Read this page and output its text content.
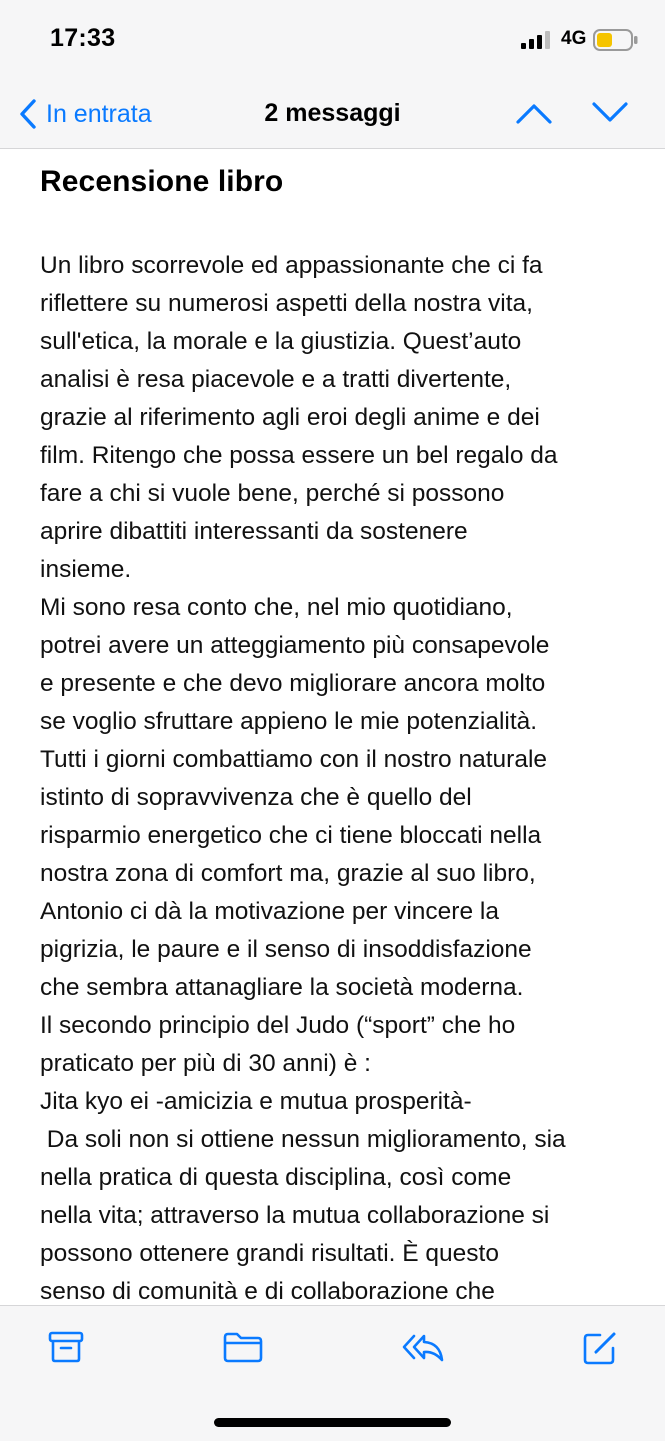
17:33	4G
In entrata	2 messaggi
Recensione libro
Un libro scorrevole ed appassionante che ci fa
riflettere su numerosi aspetti della nostra vita,
sull'etica, la morale e la giustizia. Quest’auto
analisi è resa piacevole e a tratti divertente,
grazie al riferimento agli eroi degli anime e dei
film. Ritengo che possa essere un bel regalo da
fare a chi si vuole bene, perché si possono
aprire dibattiti interessanti da sostenere
insieme.
Mi sono resa conto che, nel mio quotidiano,
potrei avere un atteggiamento più consapevole
e presente e che devo migliorare ancora molto
se voglio sfruttare appieno le mie potenzialità.
Tutti i giorni combattiamo con il nostro naturale
istinto di sopravvivenza che è quello del
risparmio energetico che ci tiene bloccati nella
nostra zona di comfort ma, grazie al suo libro,
Antonio ci dà la motivazione per vincere la
pigrizia, le paure e il senso di insoddisfazione
che sembra attanagliare la società moderna.
Il secondo principio del Judo (“sport” che ho
praticato per più di 30 anni) è :
Jita kyo ei -amicizia e mutua prosperità-
Da soli non si ottiene nessun miglioramento, sia
nella pratica di questa disciplina, così come
nella vita; attraverso la mutua collaborazione si
possono ottenere grandi risultati. È questo
senso di comunità e di collaborazione che
